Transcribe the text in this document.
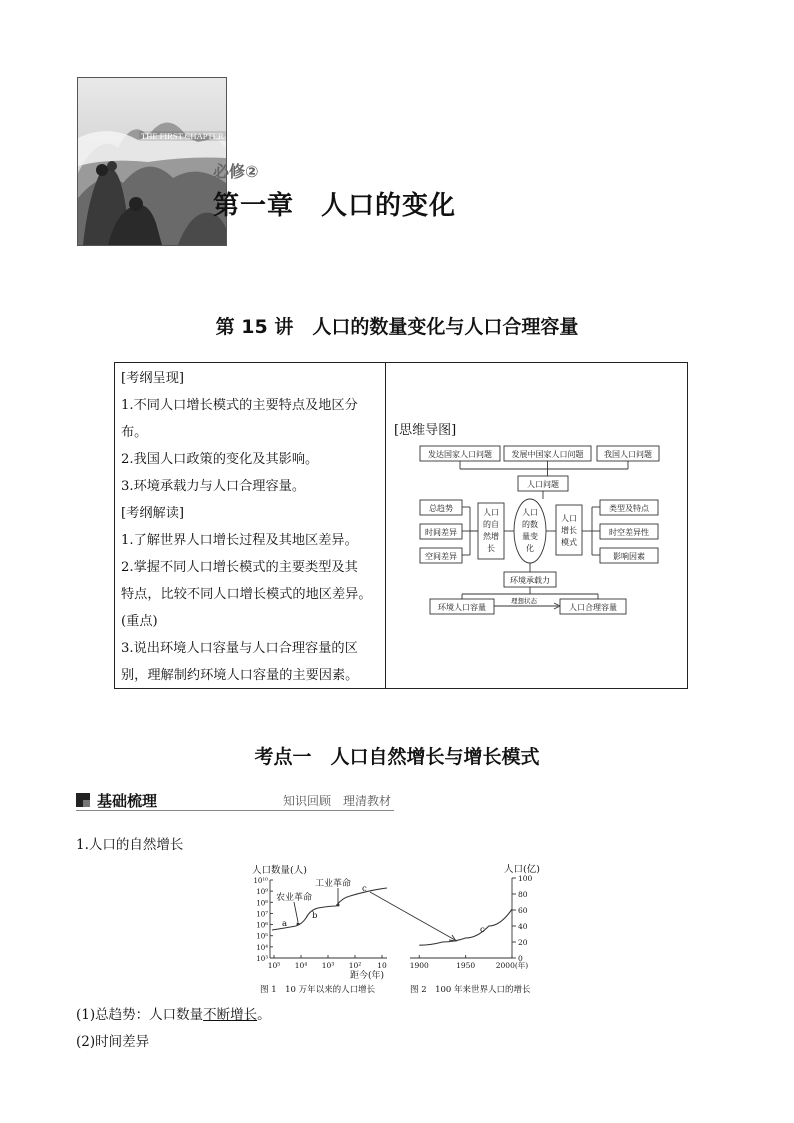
THE FIRST CHAPTER
必修②
第一章　人口的变化
第 15 讲　人口的数量变化与人口合理容量

[考纲呈现]

1.不同人口增长模式的主要特点及地区分

布。

2.我国人口政策的变化及其影响。

3.环境承载力与人口合理容量。

[考纲解读]

1.了解世界人口增长过程及其地区差异。

2.掌握不同人口增长模式的主要类型及其

特点，比较不同人口增长模式的地区差异。

(重点)

3.说出环境人口容量与人口合理容量的区

别，理解制约环境人口容量的主要因素。

[思维导图]
发达国家人口问题 发展中国家人口问题	我国人口问题
人口问题
总趋势
时间差异
空间差异
人口
的自
然增
长
人口
的数
量变
化
人口
增长
模式
类型及特点
时空差异性
影响因素
环境承载力
环境人口容量
理想状态
人口合理容量
考点一　人口自然增长与增长模式
基础梳理	知识回顾　理清教材
1.人口的自然增长
人口数量(人)
10¹⁰
10⁹
10⁸
10⁷
10⁶
10⁵
10⁴
10³
10⁵ 10⁴ 10³ 10² 10
距今(年)
a
b
c
农业革命
工业革命
图 1　10 万年以来的人口增长
人口(亿)
100
80
60
40
20
0
1900	1950	2000(年)
c
图 2　100 年来世界人口的增长
(1)总趋势：人口数量不断增长。
(2)时间差异
